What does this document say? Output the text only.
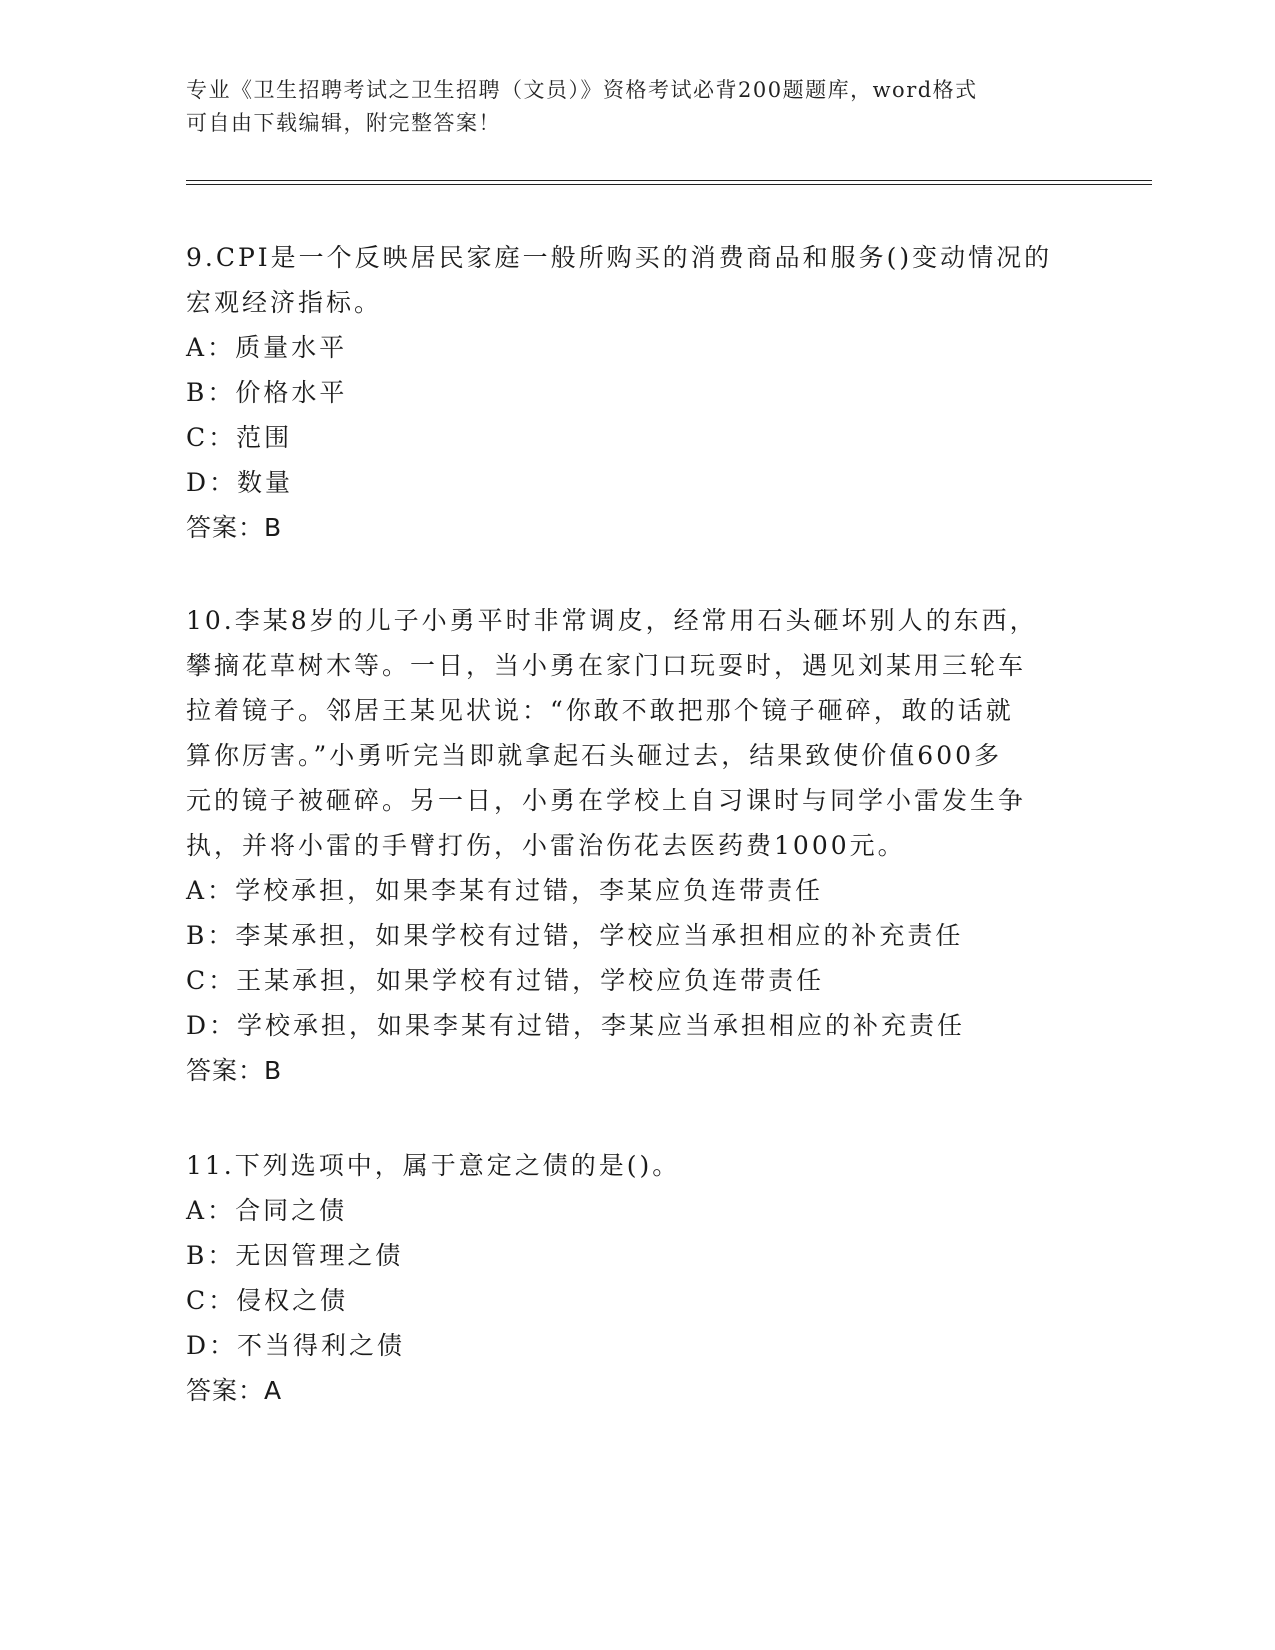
专业《卫生招聘考试之卫生招聘（文员）》资格考试必背200题题库，word格式
可自由下载编辑，附完整答案！
9.CPI是一个反映居民家庭一般所购买的消费商品和服务()变动情况的
宏观经济指标。
A：质量水平
B：价格水平
C：范围
D：数量
答案：B
10.李某8岁的儿子小勇平时非常调皮，经常用石头砸坏别人的东西，
攀摘花草树木等。一日，当小勇在家门口玩耍时，遇见刘某用三轮车
拉着镜子。邻居王某见状说：“你敢不敢把那个镜子砸碎，敢的话就
算你厉害。”小勇听完当即就拿起石头砸过去，结果致使价值600多
元的镜子被砸碎。另一日，小勇在学校上自习课时与同学小雷发生争
执，并将小雷的手臂打伤，小雷治伤花去医药费1000元。
A：学校承担，如果李某有过错，李某应负连带责任
B：李某承担，如果学校有过错，学校应当承担相应的补充责任
C：王某承担，如果学校有过错，学校应负连带责任
D：学校承担，如果李某有过错，李某应当承担相应的补充责任
答案：B
11.下列选项中，属于意定之债的是()。
A：合同之债
B：无因管理之债
C：侵权之债
D：不当得利之债
答案：A
